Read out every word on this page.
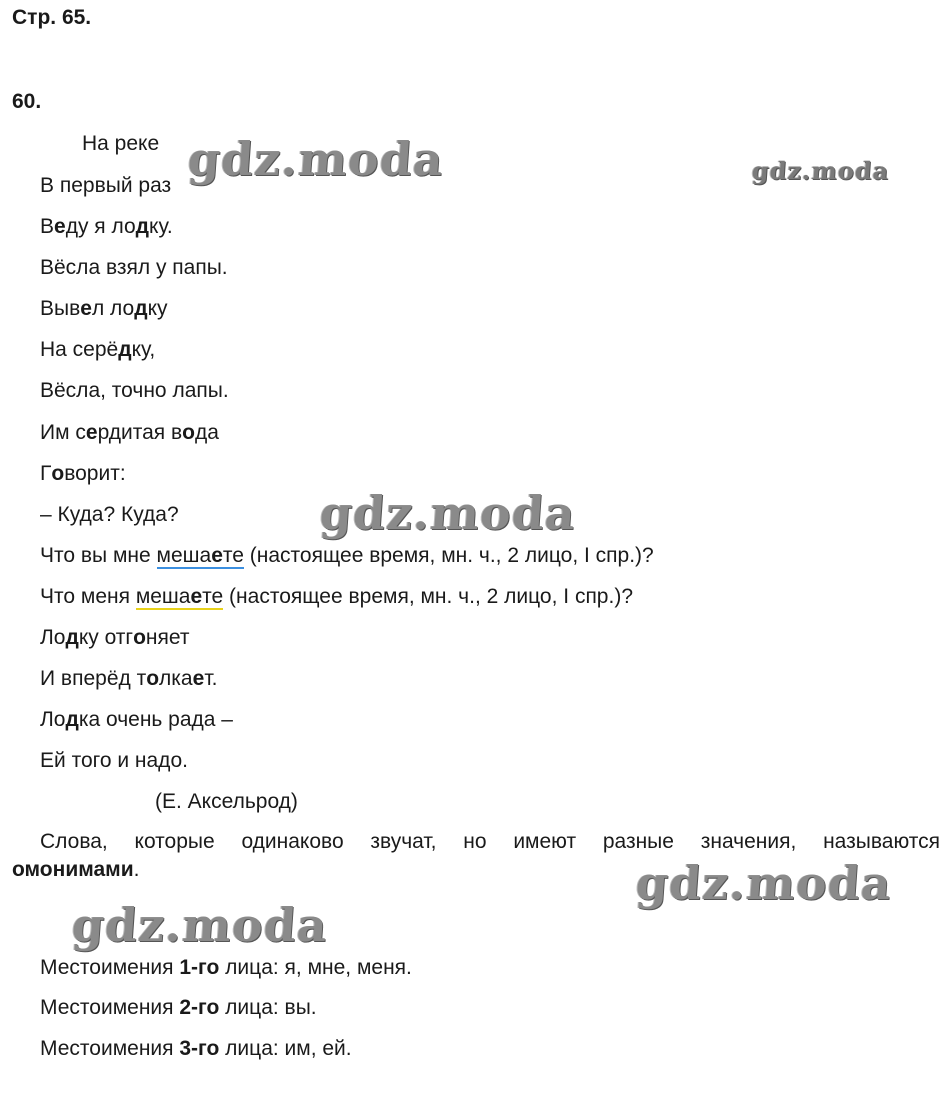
Стр. 65.
60.
На реке
В первый раз
Веду я лодку.
Вёсла взял у папы.
Вывел лодку
На серёдку,
Вёсла, точно лапы.
Им сердитая вода
Говорит:
– Куда? Куда?
Что вы мне мешаете (настоящее время, мн. ч., 2 лицо, I спр.)?
Что меня мешаете (настоящее время, мн. ч., 2 лицо, I спр.)?
Лодку отгоняет
И вперёд толкает.
Лодка очень рада –
Ей того и надо.
(Е. Аксельрод)
Слова, которые одинаково звучат, но имеют разные значения, называются
омонимами.
Местоимения 1-го лица: я, мне, меня.
Местоимения 2-го лица: вы.
Местоимения 3-го лица: им, ей.
gdz.moda	gdz.moda
gdz.moda
gdz.moda
gdz.moda
